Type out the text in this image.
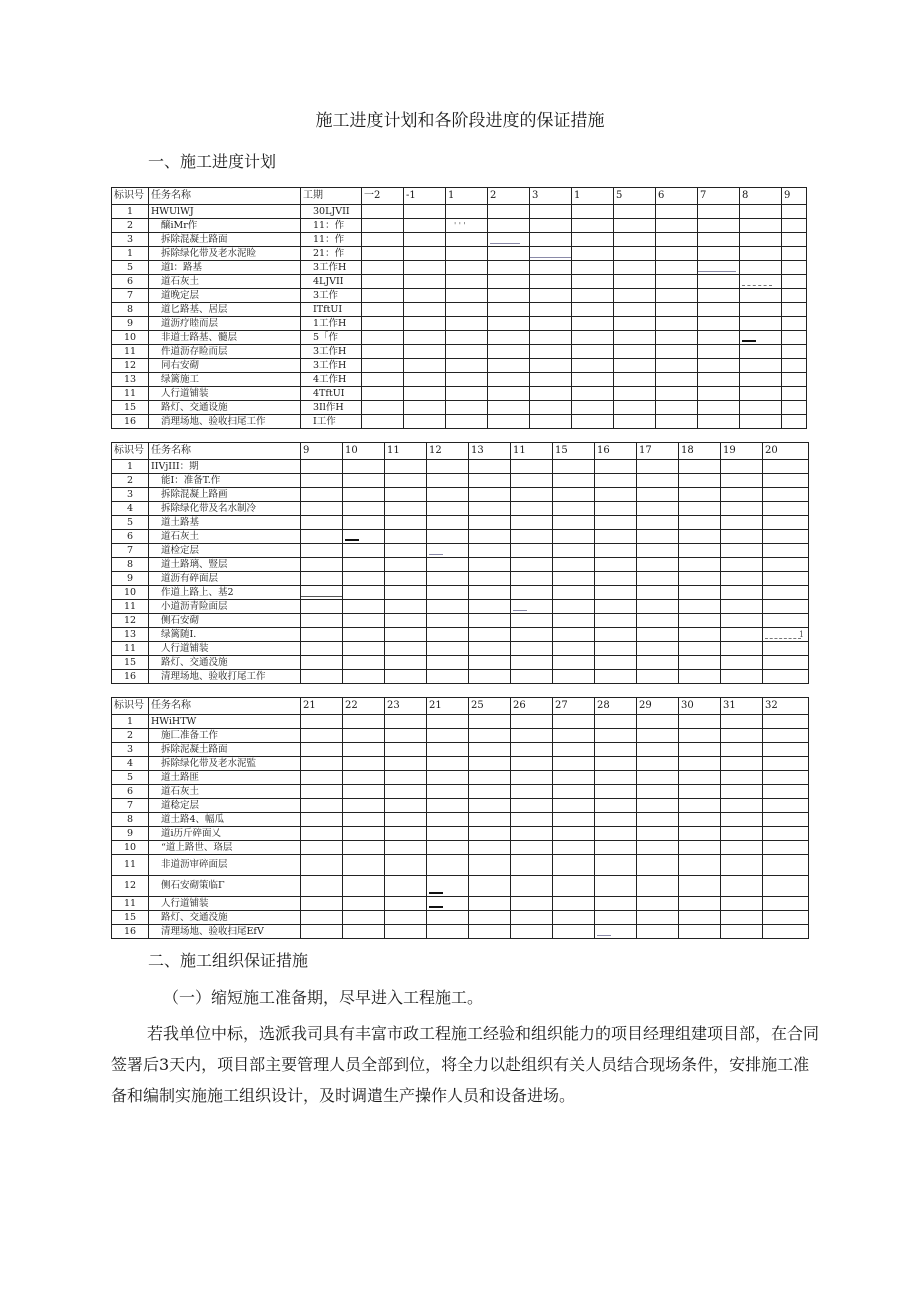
施工进度计划和各阶段进度的保证措施
一、施工进度计划
标识号	任务名称	工期	一2	-1	1	2	3	1	5	6	7	8	9
1	HWUlWJ	30LJVII											
2	醸iMr作	11：作			' ' '								

3	拆除混凝土路面	11：作				

1	拆除绿化带及老水泥睑	21：作					

5	道l：路基	3工作H									

6	道石灰土	4LJVII										

7	道晚定层	3工作											
8	道匕路基、居层	ITftUI											
9	道沥疗睦而层	1工作H											
10	非道士路基、髓层	5「作										

11	件道沥存睑而层	3工作H											
12	同右安砌	3工作H											
13	绿篱施工	4工作H											
11	人行道铺装	4TftUI											
15	路灯、交通设施	3Il作H											
16	消理场地、验收扫尾工作	I工作											
标识号	任务名称	9	10	11	12	13	11	15	16	17	18	19	20
1	IIVjIII：期												
2	能I：准备T.作												
3	拆除混凝上路画												
4	拆除绿化带及名水制冷												
5	道土路基												
6	道石灰土		

7	道检定层				

8	道土路璃、豎层												
9	道沥有碎面层												
10	作道上路上、基2	

11	小道沥青险面层						

12	侧石安砌												
13	绿篱随I.												1

11	人行道铺装												
15	路灯、交通没施												
16	清理场地、验收打尾工作												
标识号	任务名称	21	22	23	21	25	26	27	28	29	30	31	32
1	HWiHTW												
2	施匚准备工作												
3	拆除泥凝土路面												
4	拆除绿化带及老水泥監												
5	道土路匪												
6	道石灰土												
7	道稔定层												
8	道土路4、幅瓜												
9	道i历斤碎面乂												
10	“道上路世、珞层												
11	非道沥审碎面层												
12	侧石安砌策临Γ				

11	人行道铺装				

15	路灯、交通没施												
16	清理场地、验收扫尾EfV								

二、施工组织保证措施
（一）缩短施工准备期，尽早进入工程施工。
若我单位中标，选派我司具有丰富市政工程施工经验和组织能力的项目经理组建项目部，在合同签署后3天内，项目部主要管理人员全部到位，将全力以赴组织有关人员结合现场条件，安排施工准备和编制实施施工组织设计，及时调遣生产操作人员和设备进场。
